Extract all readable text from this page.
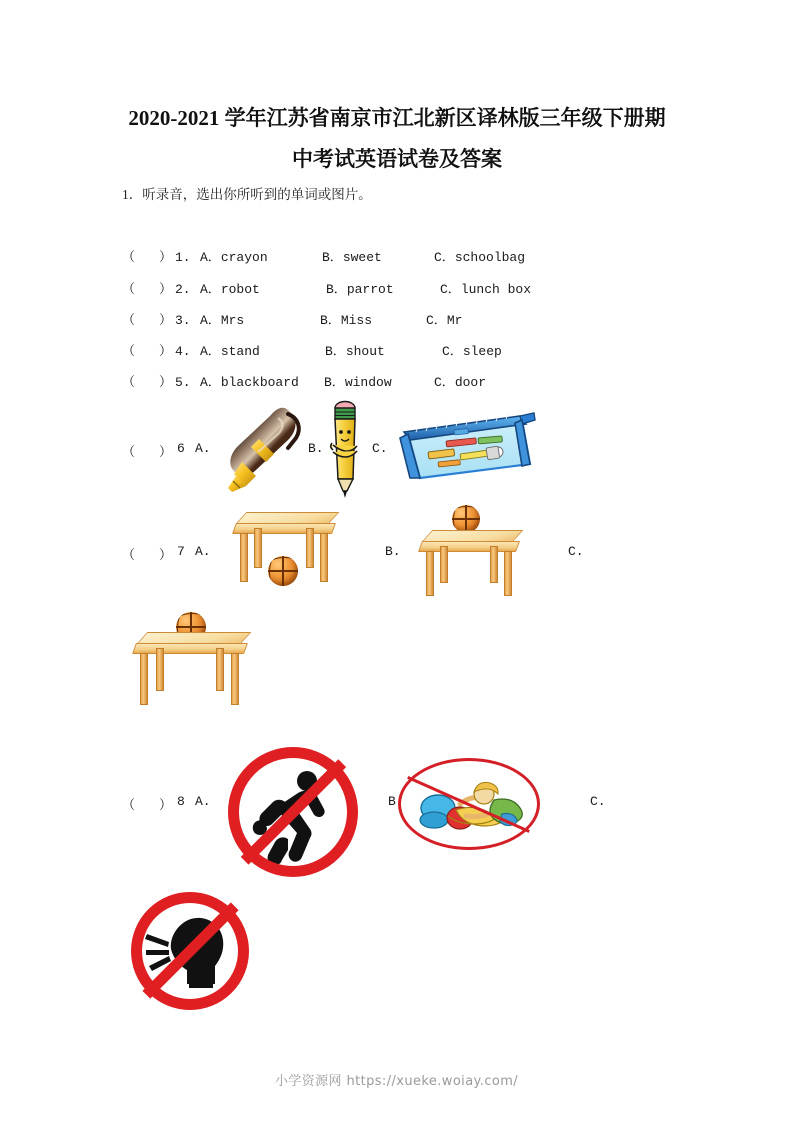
2020-2021 学年江苏省南京市江北新区译林版三年级下册期
中考试英语试卷及答案
1．听录音，选出你所听到的单词或图片。
（ ） 1. A．crayon	B．sweet	C．schoolbag
（ ） 2. A．robot	B．parrot	C．lunch box
（ ） 3. A．Mrs	B．Miss	C．Mr
（ ） 4. A．stand	B．shout	C．sleep
（ ） 5. A．blackboard B．window	C．door
（ ） 6 A.	B.	C.
（ ） 7 A.	B.	C.
（ ） 8 A.	B.	C.
小学资源网 https://xueke.woiay.com/
